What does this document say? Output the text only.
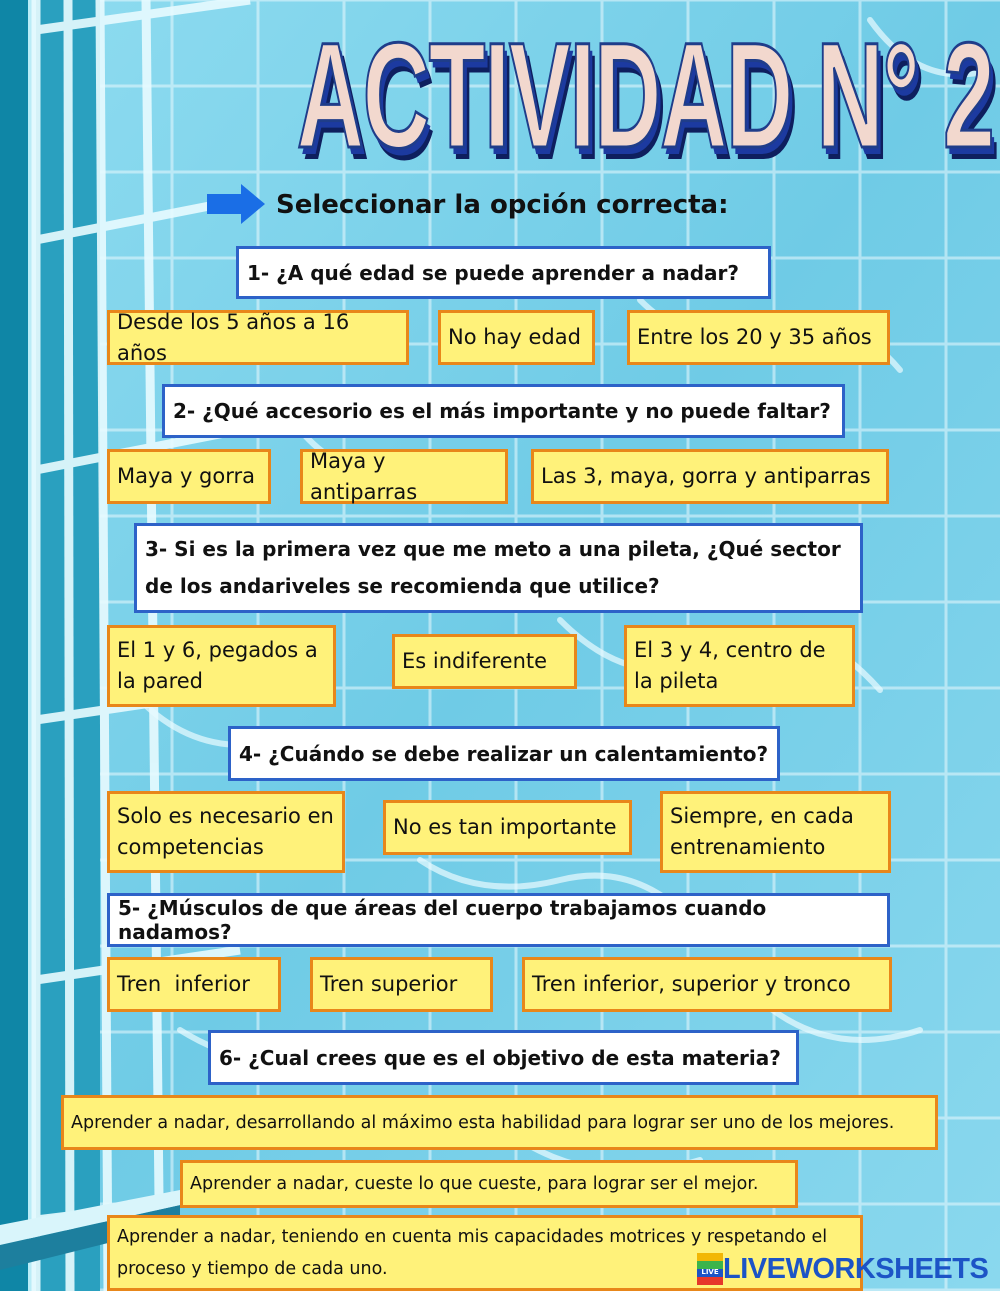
ACTIVIDAD N° 2
Seleccionar la opción correcta:
1- ¿A qué edad se puede aprender a nadar?
Desde los 5 años a 16 años
No hay edad	Entre los 20 y 35 años
2- ¿Qué accesorio es el más importante y no puede faltar?
Maya y gorra
Maya y antiparras
Las 3, maya, gorra y antiparras
3- Si es la primera vez que me meto a una pileta, ¿Qué sector
de los andariveles se recomienda que utilice?
El 1 y 6, pegados a
la pared
Es indiferente	El 3 y 4, centro de
la pileta
4- ¿Cuándo se debe realizar un calentamiento?
Solo es necesario en
competencias
No es tan importante	Siempre, en cada
entrenamiento
5- ¿Músculos de que áreas del cuerpo trabajamos cuando nadamos?
Tren  inferior	Tren superior	Tren inferior, superior y tronco
6- ¿Cual crees que es el objetivo de esta materia?
Aprender a nadar, desarrollando al máximo esta habilidad para lograr ser uno de los mejores.
Aprender a nadar, cueste lo que cueste, para lograr ser el mejor.
Aprender a nadar, teniendo en cuenta mis capacidades motrices y respetando el
proceso y tiempo de cada uno.	LIVE LIVEWORKSHEETS
